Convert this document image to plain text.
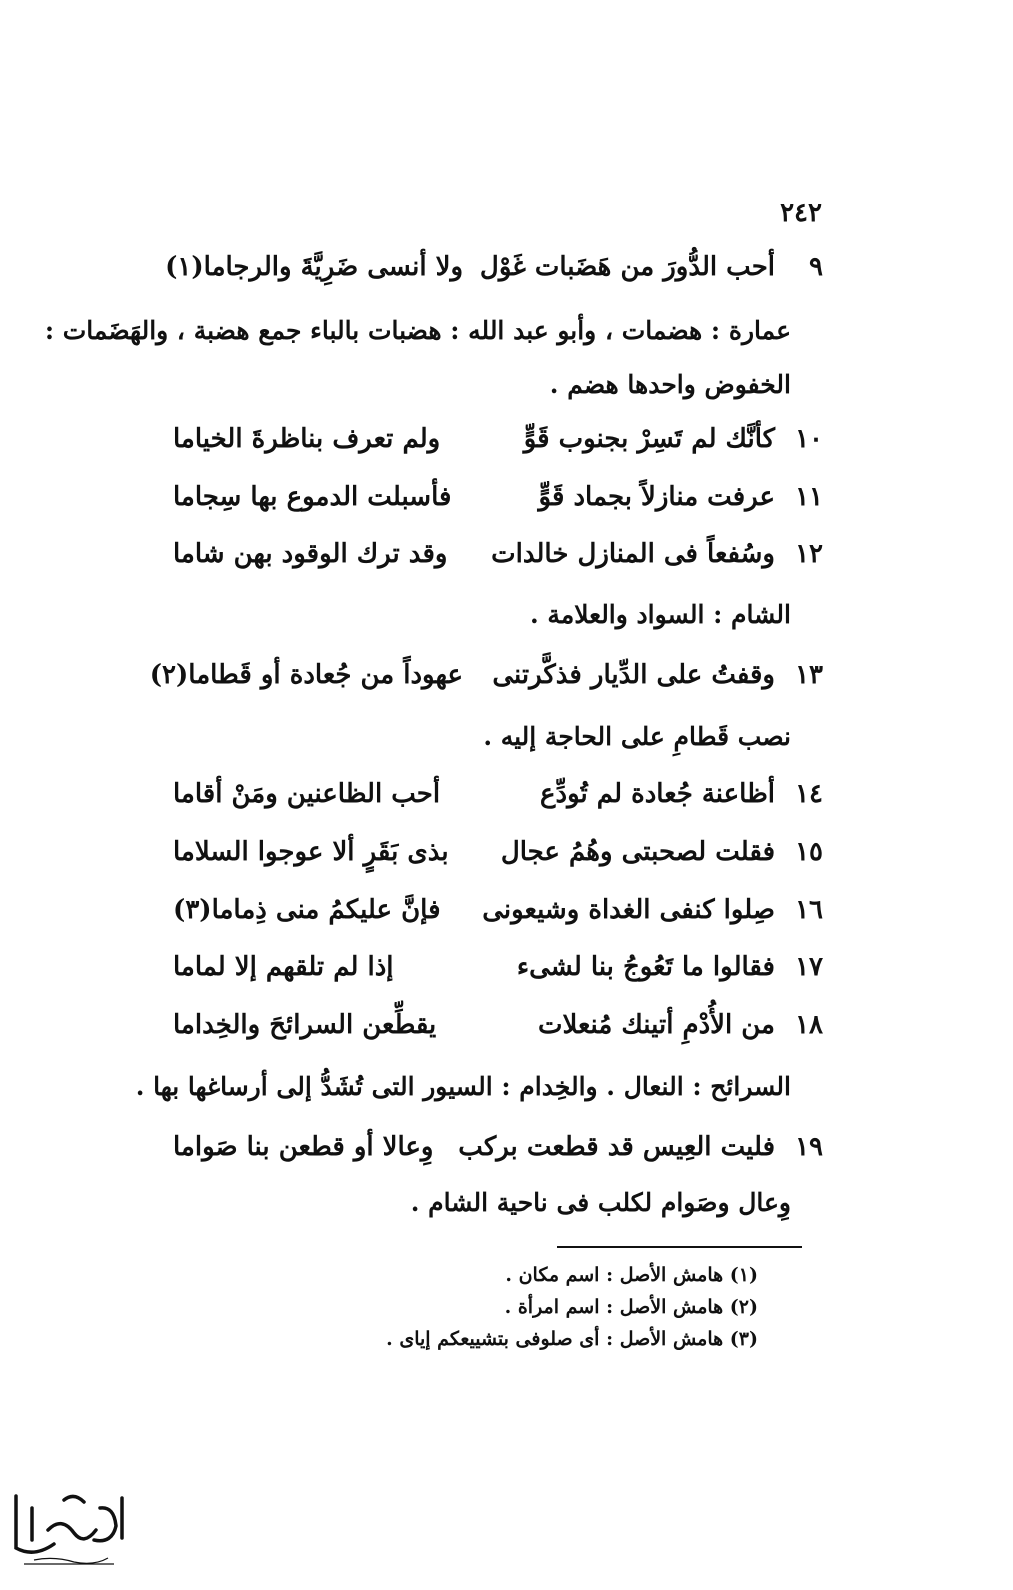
٢٤٢
٩
أحب الدُّورَ من هَضَبات غَوْل
ولا أنسى ضَرِيَّةَ والرجاما(١)
عمارة : هضمات ، وأبو عبد الله : هضبات بالباء جمع هضبة ، والهَضَمات :
الخفوض واحدها هضم .
١٠
كأنَّك لم تَسِرْ بجنوب قَوٍّ
ولم تعرف بناظرةَ الخياما
١١
عرفت منازلاً بجماد قَوٍّ
فأسبلت الدموع بها سِجاما
١٢
وسُفعاً فى المنازل خالدات
وقد ترك الوقود بهن شاما
الشام : السواد والعلامة .
١٣
وقفتُ على الدِّيار فذكَّرتنى
عهوداً من جُعادة أو قَطاما(٢)
نصب قَطامِ على الحاجة إليه .
١٤
أظاعنة جُعادة لم تُودِّع
أحب الظاعنين ومَنْ أقاما
١٥
فقلت لصحبتى وهُمُ عجال
بذى بَقَرٍ ألا عوجوا السلاما
١٦
صِلوا كنفى الغداة وشيعونى
فإنَّ عليكمُ منى ذِماما(٣)
١٧
فقالوا ما تَعُوجُ بنا لشىء
إذا لم تلقهم إلا لماما
١٨
من الأُدْمِ أتينك مُنعلات
يقطِّعن السرائحَ والخِداما
السرائح : النعال . والخِدام : السيور التى تُشَدُّ إلى أرساغها بها .
١٩
فليت العِيس قد قطعت بركب
وِعالا أو قطعن بنا صَواما
وِعال وصَوام لكلب فى ناحية الشام .
(١) هامش الأصل : اسم مكان .
(٢) هامش الأصل : اسم امرأة .
(٣) هامش الأصل : أى صلوفى بتشييعكم إياى .
